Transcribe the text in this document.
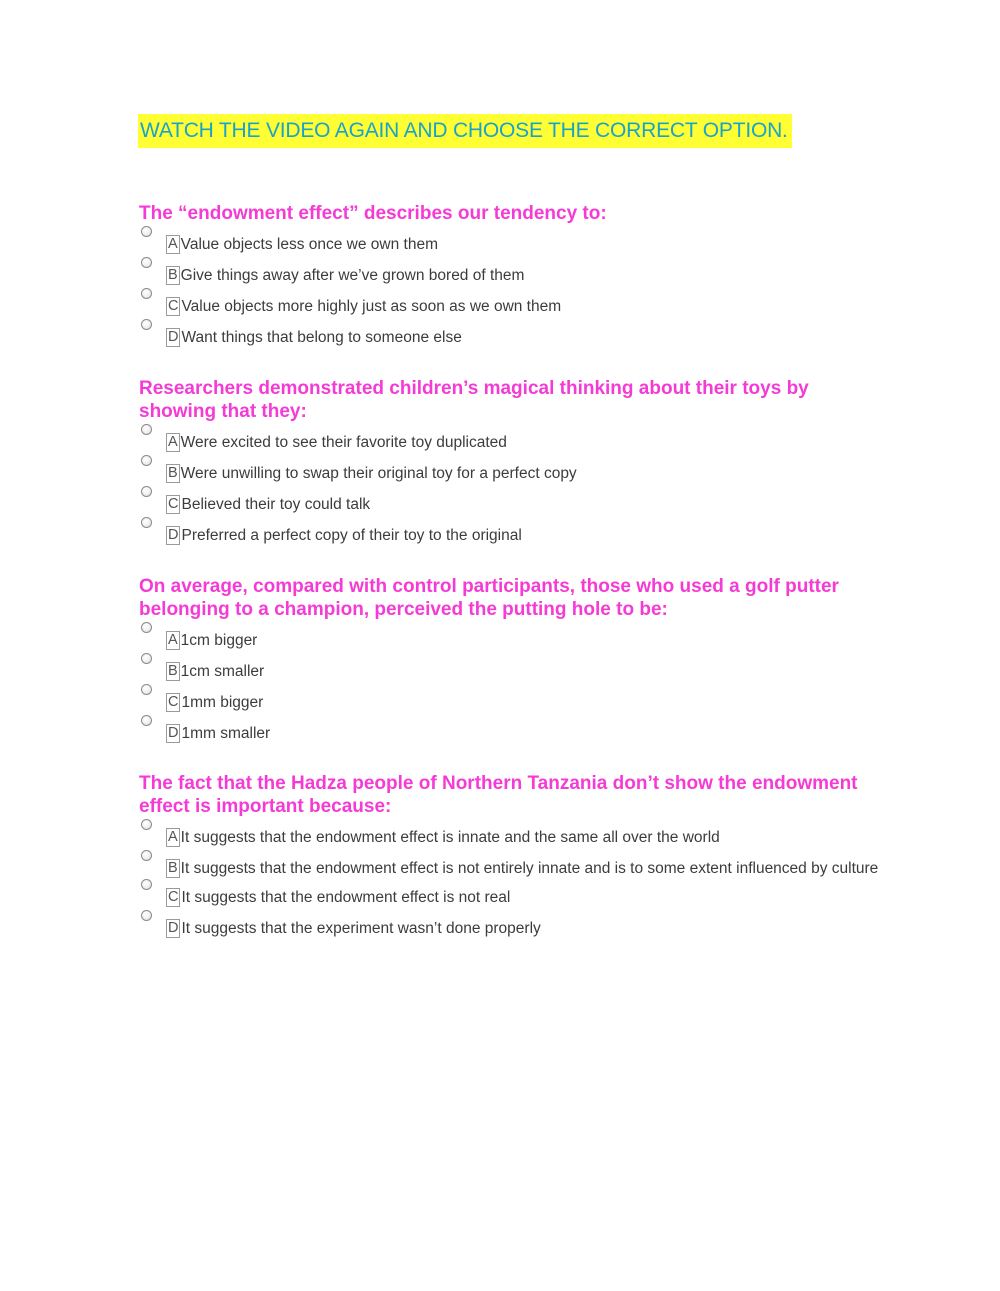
WATCH THE VIDEO AGAIN AND CHOOSE THE CORRECT OPTION.
The “endowment effect” describes our tendency to:
A Value objects less once we own them
B Give things away after we’ve grown bored of them
C Value objects more highly just as soon as we own them
D Want things that belong to someone else
Researchers demonstrated children’s magical thinking about their toys by showing that they:
A Were excited to see their favorite toy duplicated
B Were unwilling to swap their original toy for a perfect copy
C Believed their toy could talk
D Preferred a perfect copy of their toy to the original
On average, compared with control participants, those who used a golf putter belonging to a champion, perceived the putting hole to be:
A 1cm bigger
B 1cm smaller
C 1mm bigger
D 1mm smaller
The fact that the Hadza people of Northern Tanzania don’t show the endowment effect is important because:
A It suggests that the endowment effect is innate and the same all over the world
B It suggests that the endowment effect is not entirely innate and is to some extent influenced by culture
C It suggests that the endowment effect is not real
D It suggests that the experiment wasn’t done properly
